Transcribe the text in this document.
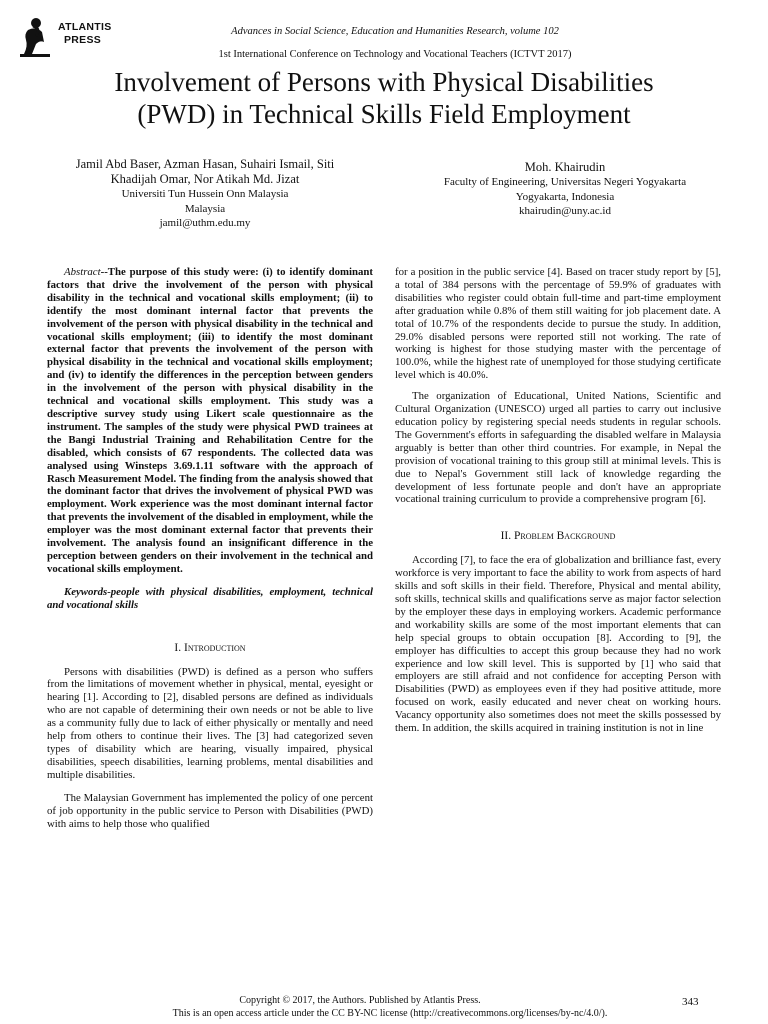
ATLANTIS
PRESS
Advances in Social Science, Education and Humanities Research, volume 102
1st International Conference on Technology and Vocational Teachers (ICTVT 2017)
Involvement of Persons with Physical Disabilities
(PWD) in Technical Skills Field Employment
Jamil Abd Baser, Azman Hasan, Suhairi Ismail, Siti
Khadijah Omar, Nor Atikah Md. Jizat
Universiti Tun Hussein Onn Malaysia
Malaysia
jamil@uthm.edu.my
Moh. Khairudin
Faculty of Engineering, Universitas Negeri Yogyakarta
Yogyakarta, Indonesia
khairudin@uny.ac.id

Abstract--The purpose of this study were: (i) to identify dominant factors that drive the involvement of the person with physical disability in the technical and vocational skills employment; (ii) to identify the most dominant internal factor that prevents the involvement of the person with physical disability in the technical and vocational skills employment; (iii) to identify the most dominant external factor that prevents the involvement of the person with physical disability in the technical and vocational skills employment; and (iv) to identify the differences in the perception between genders in the involvement of the person with physical disability in the technical and vocational skills employment. This study was a descriptive survey study using Likert scale questionnaire as the instrument. The samples of the study were physical PWD trainees at the Bangi Industrial Training and Rehabilitation Centre for the disabled, which consists of 67 respondents. The collected data was analysed using Winsteps 3.69.1.11 software with the approach of Rasch Measurement Model. The finding from the analysis showed that the dominant factor that drives the involvement of physical PWD was employment. Work experience was the most dominant internal factor that prevents the involvement of the disabled in employment, while the employer was the most dominant external factor that prevents their involvement. The analysis found an insignificant difference in the perception between genders on their involvement in the technical and vocational skills employment.

Keywords-people with physical disabilities, employment, technical and vocational skills

I. Introduction

Persons with disabilities (PWD) is defined as a person who suffers from the limitations of movement whether in physical, mental, eyesight or hearing [1]. According to [2], disabled persons are defined as individuals who are not capable of determining their own needs or not be able to live as a community fully due to lack of either physically or mentally and need help from others to continue their lives. The [3] had categorized seven types of disability which are hearing, visually impaired, physical disabilities, speech disabilities, learning problems, mental disabilities and multiple disabilities.

The Malaysian Government has implemented the policy of one percent of job opportunity in the public service to Person with Disabilities (PWD) with aims to help those who qualified

for a position in the public service [4]. Based on tracer study report by [5], a total of 384 persons with the percentage of 59.9% of graduates with disabilities who register could obtain full-time and part-time employment after graduation while 0.8% of them still waiting for job placement date. A total of 10.7% of the respondents decide to pursue the study. In addition, 29.0% disabled persons were reported still not working. The rate of working is highest for those studying master with the percentage of 100.0%, while the highest rate of unemployed for those studying certificate level which is 40.0%.

The organization of Educational, United Nations, Scientific and Cultural Organization (UNESCO) urged all parties to carry out inclusive education policy by registering special needs students in regular schools. The Government's efforts in safeguarding the disabled welfare in Malaysia arguably is better than other third countries. For example, in Nepal the provision of vocational training to this group still at minimal levels. This is due to Nepal's Government still lack of knowledge regarding the development of less fortunate people and don't have an appropriate vocational training curriculum to provide a comprehensive program [6].

II. Problem Background

According [7], to face the era of globalization and brilliance fast, every workforce is very important to face the ability to work from aspects of hard skills and soft skills in their field. Therefore, Physical and mental ability, soft skills, technical skills and qualifications serve as major factor selection by the employer these days in employing workers. Academic performance and workability skills are some of the most important elements that can help special groups to obtain occupation [8]. According to [9], the employer has difficulties to accept this group because they had no work experience and low skill level. This is supported by [1] who said that employers are still afraid and not confidence for accepting Person with Disabilities (PWD) as employees even if they had positive attitude, more focused on work, easily educated and never cheat on working hours. Vacancy opportunity also sometimes does not meet the skills possessed by them. In addition, the skills acquired in training institution is not in line

Copyright © 2017, the Authors. Published by Atlantis Press.
This is an open access article under the CC BY-NC license (http://creativecommons.org/licenses/by-nc/4.0/).
343
